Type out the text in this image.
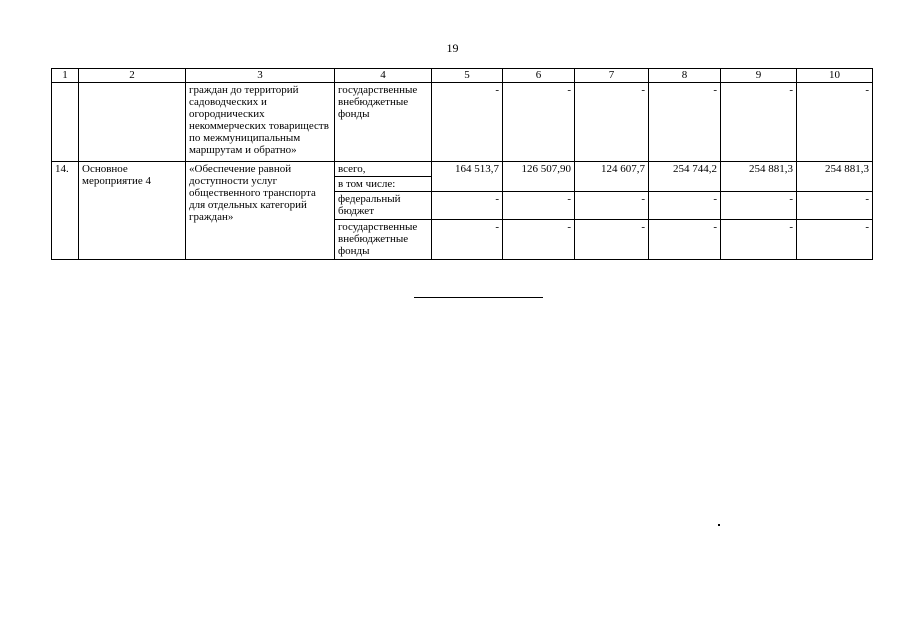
19
1	2	3	4	5	6	7	8	9	10
		граждан до территорий садоводческих и огороднических некоммерческих товариществ по межмуниципальным маршрутам и обратно»	государственные внебюджетные фонды	-	-	-	-	-	-
14.	Основное мероприятие 4	«Обеспечение равной доступности услуг общественного транспорта для отдельных категорий граждан»	всего,	164 513,7	126 507,90	124 607,7	254 744,2	254 881,3	254 881,3
			в том числе:						
			федеральный бюджет	-	-	-	-	-	-
			государственные внебюджетные фонды	-	-	-	-	-	-
